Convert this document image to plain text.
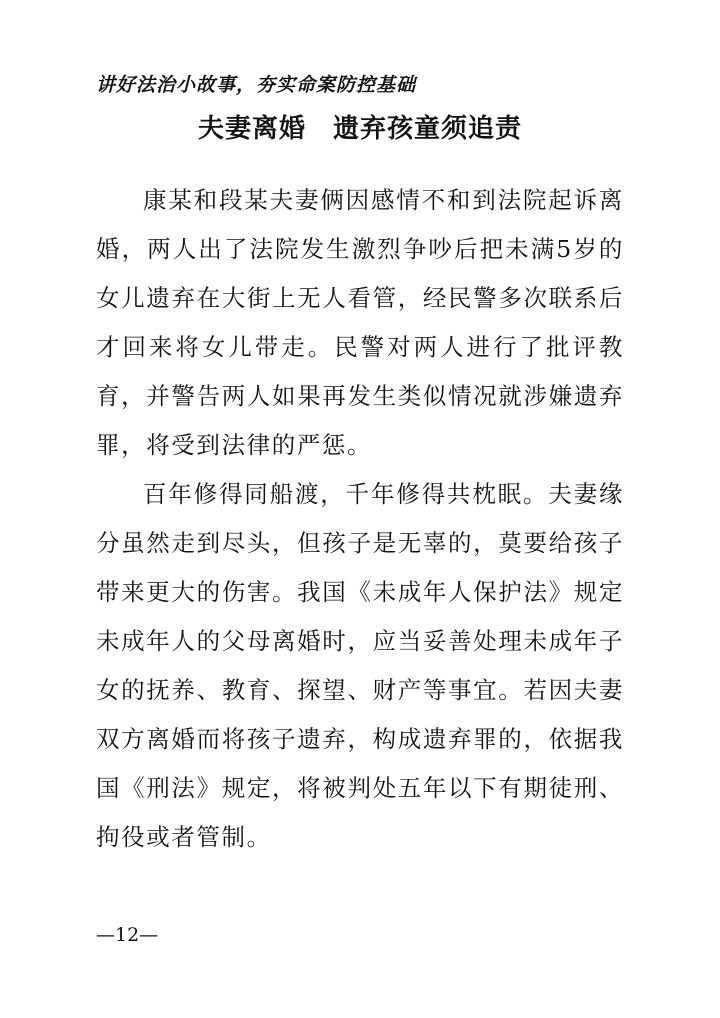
讲好法治小故事，夯实命案防控基础
夫妻离婚　遗弃孩童须追责

康某和段某夫妻俩因感情不和到法院起诉离婚，两人出了法院发生激烈争吵后把未满5岁的女儿遗弃在大街上无人看管，经民警多次联系后才回来将女儿带走。民警对两人进行了批评教育，并警告两人如果再发生类似情况就涉嫌遗弃罪，将受到法律的严惩。

百年修得同船渡，千年修得共枕眠。夫妻缘分虽然走到尽头，但孩子是无辜的，莫要给孩子带来更大的伤害。我国《未成年人保护法》规定未成年人的父母离婚时，应当妥善处理未成年子女的抚养、教育、探望、财产等事宜。若因夫妻双方离婚而将孩子遗弃，构成遗弃罪的，依据我国《刑法》规定，将被判处五年以下有期徒刑、拘役或者管制。

—12—
